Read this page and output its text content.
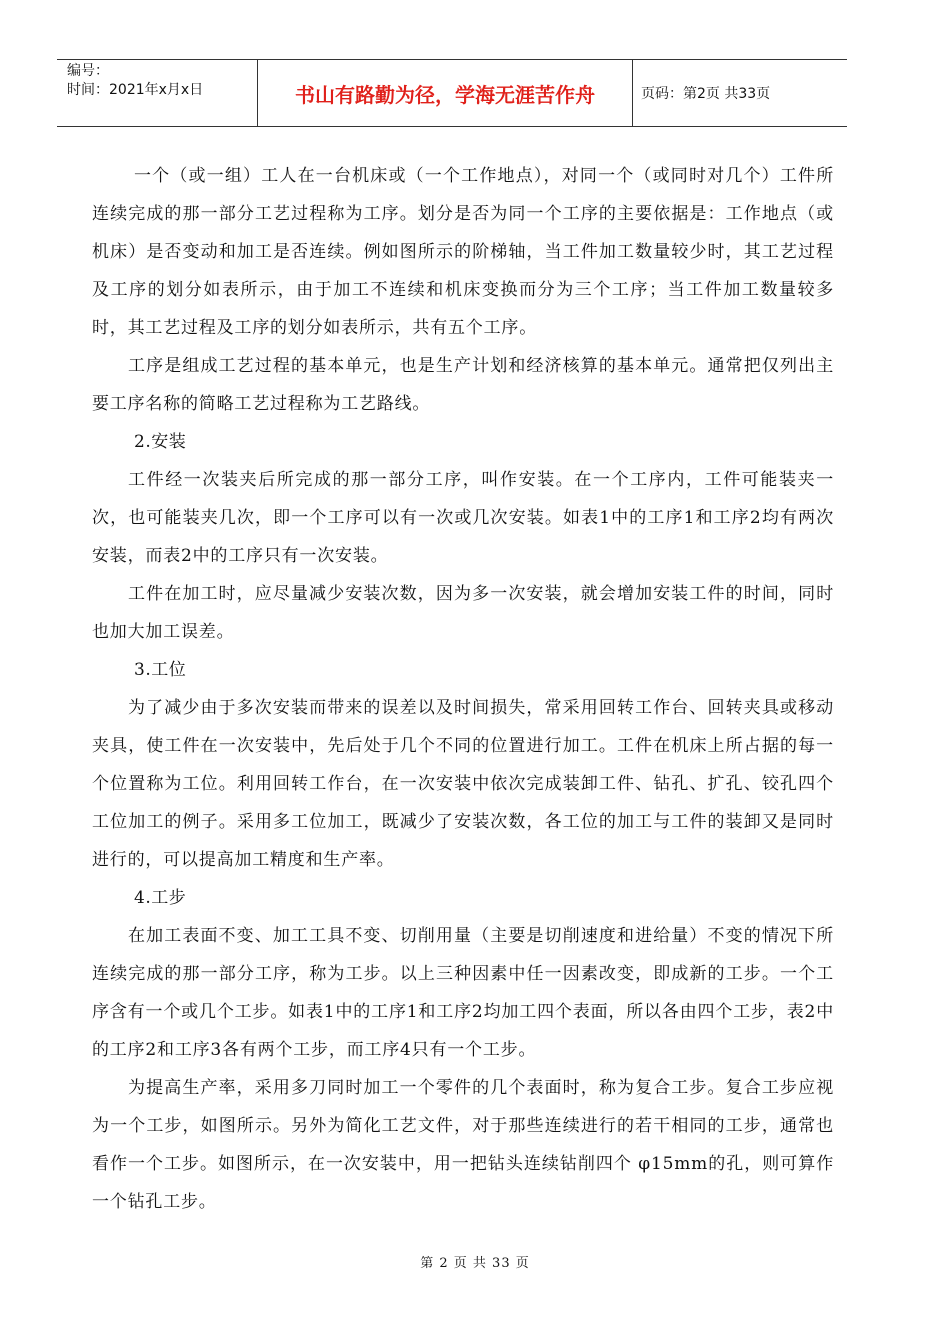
编号：
时间：2021年x月x日	书山有路勤为径，学海无涯苦作舟	页码：第2页 共33页

一个（或一组）工人在一台机床或（一个工作地点），对同一个（或同时对几个）工件所连续完成的那一部分工艺过程称为工序。划分是否为同一个工序的主要依据是：工作地点（或机床）是否变动和加工是否连续。例如图所示的阶梯轴，当工件加工数量较少时，其工艺过程及工序的划分如表所示，由于加工不连续和机床变换而分为三个工序；当工件加工数量较多时，其工艺过程及工序的划分如表所示，共有五个工序。

工序是组成工艺过程的基本单元，也是生产计划和经济核算的基本单元。通常把仅列出主要工序名称的简略工艺过程称为工艺路线。

2.安装

工件经一次装夹后所完成的那一部分工序，叫作安装。在一个工序内，工件可能装夹一次，也可能装夹几次，即一个工序可以有一次或几次安装。如表1中的工序1和工序2均有两次安装，而表2中的工序只有一次安装。

工件在加工时，应尽量减少安装次数，因为多一次安装，就会增加安装工件的时间，同时也加大加工误差。

3.工位

为了减少由于多次安装而带来的误差以及时间损失，常采用回转工作台、回转夹具或移动夹具，使工件在一次安装中，先后处于几个不同的位置进行加工。工件在机床上所占据的每一个位置称为工位。利用回转工作台，在一次安装中依次完成装卸工件、钻孔、扩孔、铰孔四个工位加工的例子。采用多工位加工，既减少了安装次数，各工位的加工与工件的装卸又是同时进行的，可以提高加工精度和生产率。

4.工步

在加工表面不变、加工工具不变、切削用量（主要是切削速度和进给量）不变的情况下所连续完成的那一部分工序，称为工步。以上三种因素中任一因素改变，即成新的工步。一个工序含有一个或几个工步。如表1中的工序1和工序2均加工四个表面，所以各由四个工步，表2中的工序2和工序3各有两个工步，而工序4只有一个工步。

为提高生产率，采用多刀同时加工一个零件的几个表面时，称为复合工步。复合工步应视为一个工步，如图所示。另外为简化工艺文件，对于那些连续进行的若干相同的工步，通常也看作一个工步。如图所示，在一次安装中，用一把钻头连续钻削四个 φ15mm的孔，则可算作一个钻孔工步。

第 2 页 共 33 页
